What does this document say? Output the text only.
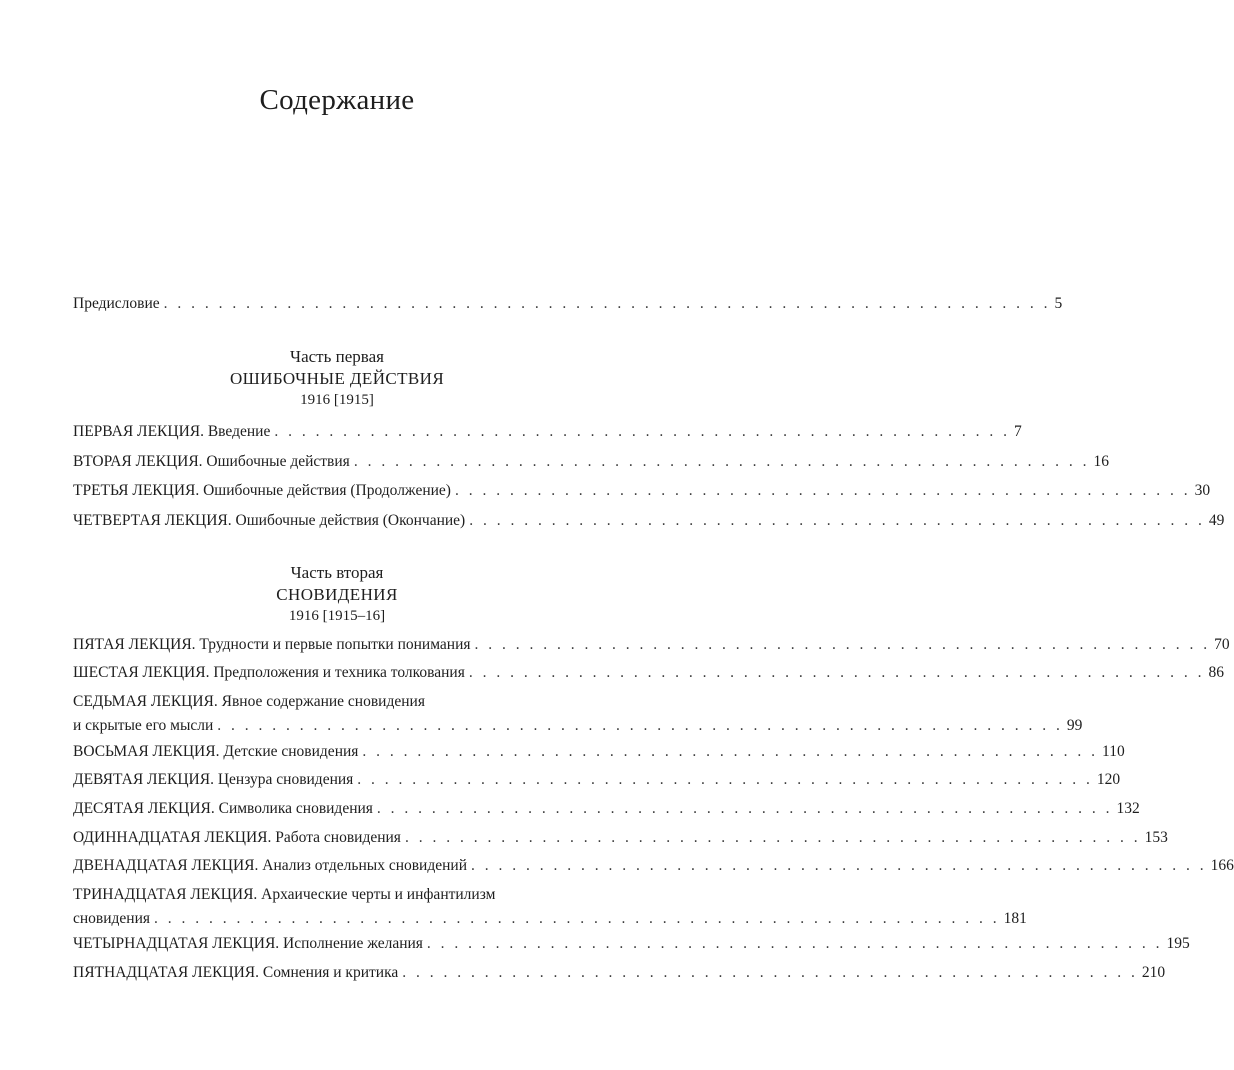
Содержание
Предисловие . . . . . . . . . . . . . . . . . . . . . . . . . . . . . . . . . . . . . . . . . . . . . . . . . . . . . . . . . . . . . . . . . 5
Часть первая
ОШИБОЧНЫЕ ДЕЙСТВИЯ
1916 [1915]
ПЕРВАЯ ЛЕКЦИЯ. Введение . . . . . . . . . . . . . . . . . . . . . . . . . . . . . . . . . . . . . . . . . . . . . . . . . . . . . . 7
ВТОРАЯ ЛЕКЦИЯ. Ошибочные действия . . . . . . . . . . . . . . . . . . . . . . . . . . . . . . . . . . . . . . . . . . . . . . . . . . . . . . 16
ТРЕТЬЯ ЛЕКЦИЯ. Ошибочные действия (Продолжение) . . . . . . . . . . . . . . . . . . . . . . . . . . . . . . . . . . . . . . . . . . . . . . . . . . . . . . 30
ЧЕТВЕРТАЯ ЛЕКЦИЯ. Ошибочные действия (Окончание) . . . . . . . . . . . . . . . . . . . . . . . . . . . . . . . . . . . . . . . . . . . . . . . . . . . . . . 49
Часть вторая
СНОВИДЕНИЯ
1916 [1915–16]
ПЯТАЯ ЛЕКЦИЯ. Трудности и первые попытки понимания . . . . . . . . . . . . . . . . . . . . . . . . . . . . . . . . . . . . . . . . . . . . . . . . . . . . . . 70
ШЕСТАЯ ЛЕКЦИЯ. Предположения и техника толкования . . . . . . . . . . . . . . . . . . . . . . . . . . . . . . . . . . . . . . . . . . . . . . . . . . . . . . 86
СЕДЬМАЯ ЛЕКЦИЯ. Явное содержание сновидения
и скрытые его мысли . . . . . . . . . . . . . . . . . . . . . . . . . . . . . . . . . . . . . . . . . . . . . . . . . . . . . . . . . . . . . . 99
ВОСЬМАЯ ЛЕКЦИЯ. Детские сновидения . . . . . . . . . . . . . . . . . . . . . . . . . . . . . . . . . . . . . . . . . . . . . . . . . . . . . . 110
ДЕВЯТАЯ ЛЕКЦИЯ. Цензура сновидения . . . . . . . . . . . . . . . . . . . . . . . . . . . . . . . . . . . . . . . . . . . . . . . . . . . . . . 120
ДЕСЯТАЯ ЛЕКЦИЯ. Символика сновидения . . . . . . . . . . . . . . . . . . . . . . . . . . . . . . . . . . . . . . . . . . . . . . . . . . . . . . 132
ОДИННАДЦАТАЯ ЛЕКЦИЯ. Работа сновидения . . . . . . . . . . . . . . . . . . . . . . . . . . . . . . . . . . . . . . . . . . . . . . . . . . . . . . 153
ДВЕНАДЦАТАЯ ЛЕКЦИЯ. Анализ отдельных сновидений . . . . . . . . . . . . . . . . . . . . . . . . . . . . . . . . . . . . . . . . . . . . . . . . . . . . . . 166
ТРИНАДЦАТАЯ ЛЕКЦИЯ. Архаические черты и инфантилизм
сновидения . . . . . . . . . . . . . . . . . . . . . . . . . . . . . . . . . . . . . . . . . . . . . . . . . . . . . . . . . . . . . . 181
ЧЕТЫРНАДЦАТАЯ ЛЕКЦИЯ. Исполнение желания . . . . . . . . . . . . . . . . . . . . . . . . . . . . . . . . . . . . . . . . . . . . . . . . . . . . . . 195
ПЯТНАДЦАТАЯ ЛЕКЦИЯ. Сомнения и критика . . . . . . . . . . . . . . . . . . . . . . . . . . . . . . . . . . . . . . . . . . . . . . . . . . . . . . 210
